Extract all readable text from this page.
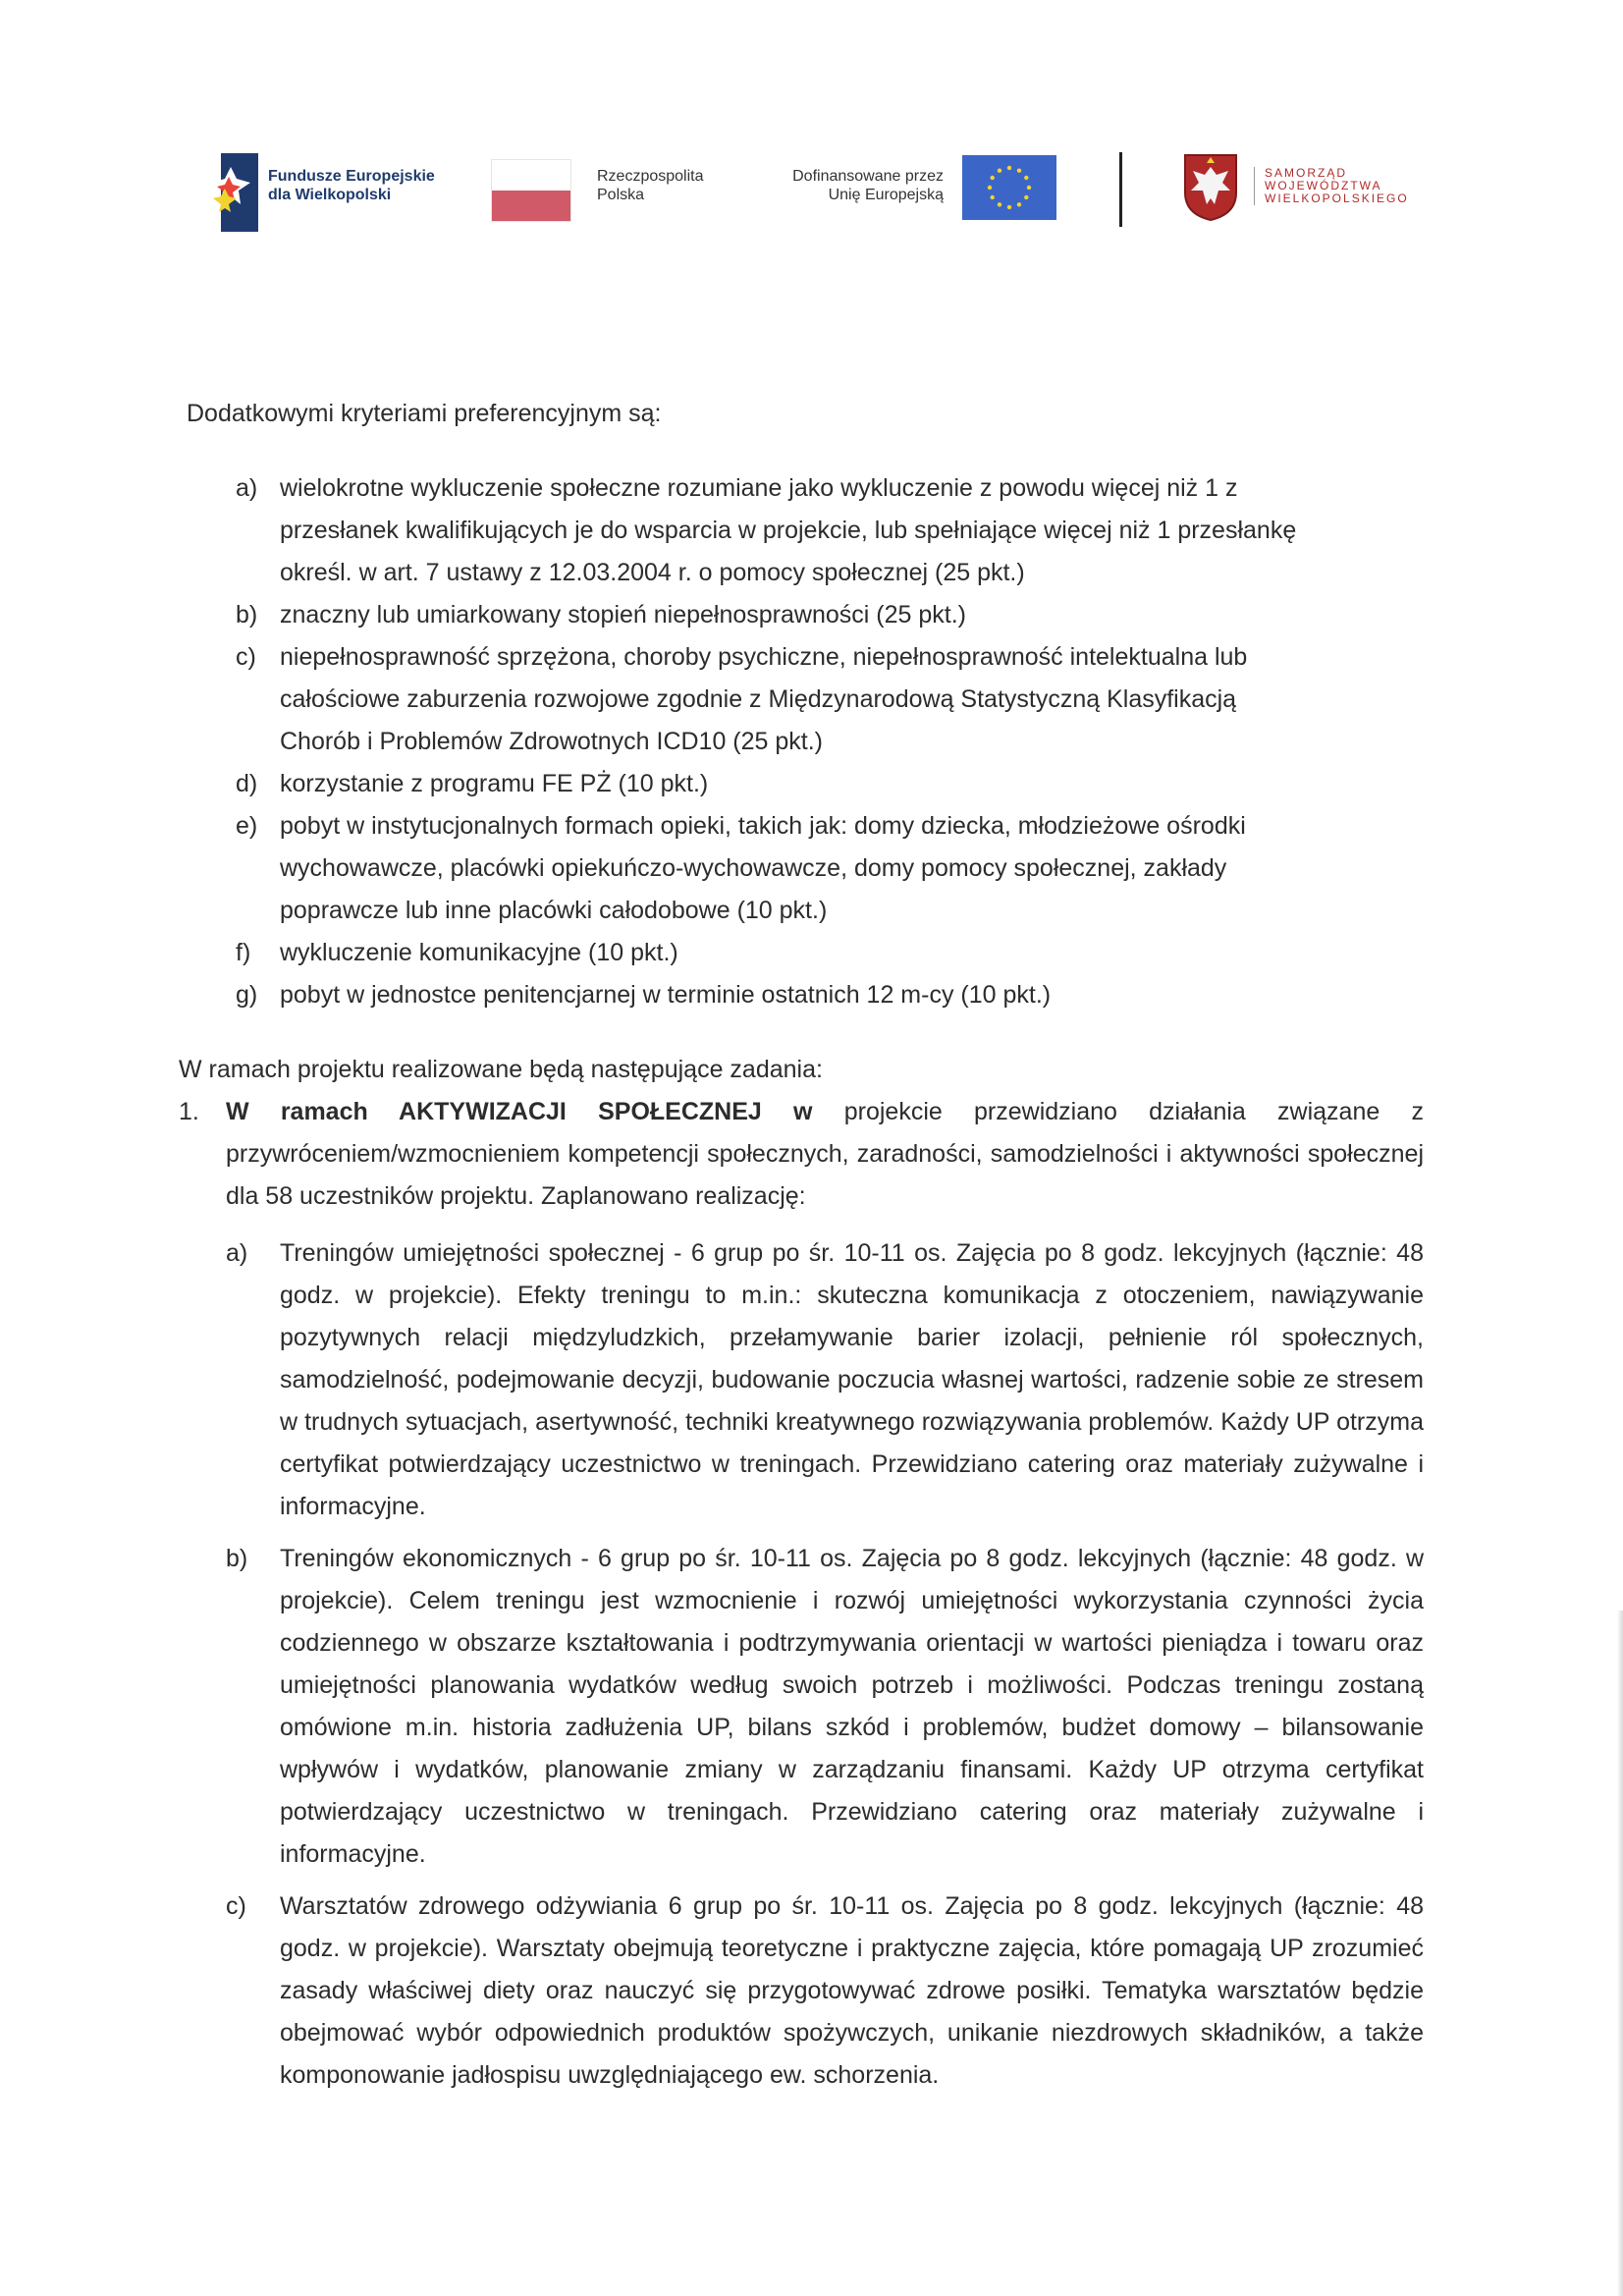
Fundusze Europejskie
dla Wielkopolski
Rzeczpospolita
Polska
Dofinansowane przez
Unię Europejską
SAMORZĄD
WOJEWÓDZTWA
WIELKOPOLSKIEGO
Dodatkowymi kryteriami preferencyjnym są:
a) wielokrotne wykluczenie społeczne rozumiane jako wykluczenie z powodu więcej niż 1 z
przesłanek kwalifikujących je do wsparcia w projekcie, lub spełniające więcej niż 1 przesłankę
określ. w art. 7 ustawy z 12.03.2004 r. o pomocy społecznej (25 pkt.)
b) znaczny lub umiarkowany stopień niepełnosprawności (25 pkt.)
c) niepełnosprawność sprzężona, choroby psychiczne, niepełnosprawność intelektualna lub
całościowe zaburzenia rozwojowe zgodnie z Międzynarodową Statystyczną Klasyfikacją
Chorób i Problemów Zdrowotnych ICD10 (25 pkt.)
d) korzystanie z programu FE PŻ (10 pkt.)
e) pobyt w instytucjonalnych formach opieki, takich jak: domy dziecka, młodzieżowe ośrodki
wychowawcze, placówki opiekuńczo-wychowawcze, domy pomocy społecznej, zakłady
poprawcze lub inne placówki całodobowe (10 pkt.)
f) wykluczenie komunikacyjne (10 pkt.)
g) pobyt w jednostce penitencjarnej w terminie ostatnich 12 m-cy (10 pkt.)
W ramach projektu realizowane będą następujące zadania:
1.	W ramach AKTYWIZACJI SPOŁECZNEJ w projekcie przewidziano działania związane z przywróceniem/wzmocnieniem kompetencji społecznych, zaradności, samodzielności i aktywności społecznej dla 58 uczestników projektu. Zaplanowano realizację:
a) Treningów umiejętności społecznej - 6 grup po śr. 10-11 os. Zajęcia po 8 godz. lekcyjnych (łącznie: 48 godz. w projekcie). Efekty treningu to m.in.: skuteczna komunikacja z otoczeniem, nawiązywanie pozytywnych relacji międzyludzkich, przełamywanie barier izolacji, pełnienie ról społecznych, samodzielność, podejmowanie decyzji, budowanie poczucia własnej wartości, radzenie sobie ze stresem w trudnych sytuacjach, asertywność, techniki kreatywnego rozwiązywania problemów. Każdy UP otrzyma certyfikat potwierdzający uczestnictwo w treningach. Przewidziano catering oraz materiały zużywalne i informacyjne.
b) Treningów ekonomicznych - 6 grup po śr. 10-11 os. Zajęcia po 8 godz. lekcyjnych (łącznie: 48 godz. w projekcie). Celem treningu jest wzmocnienie i rozwój umiejętności wykorzystania czynności życia codziennego w obszarze kształtowania i podtrzymywania orientacji w wartości pieniądza i towaru oraz umiejętności planowania wydatków według swoich potrzeb i możliwości. Podczas treningu zostaną omówione m.in. historia zadłużenia UP, bilans szkód i problemów, budżet domowy – bilansowanie wpływów i wydatków, planowanie zmiany w zarządzaniu finansami. Każdy UP otrzyma certyfikat potwierdzający uczestnictwo w treningach. Przewidziano catering oraz materiały zużywalne i informacyjne.
c) Warsztatów zdrowego odżywiania 6 grup po śr. 10-11 os. Zajęcia po 8 godz. lekcyjnych (łącznie: 48 godz. w projekcie). Warsztaty obejmują teoretyczne i praktyczne zajęcia, które pomagają UP zrozumieć zasady właściwej diety oraz nauczyć się przygotowywać zdrowe posiłki. Tematyka warsztatów będzie obejmować wybór odpowiednich produktów spożywczych, unikanie niezdrowych składników, a także komponowanie jadłospisu uwzględniającego ew. schorzenia.
